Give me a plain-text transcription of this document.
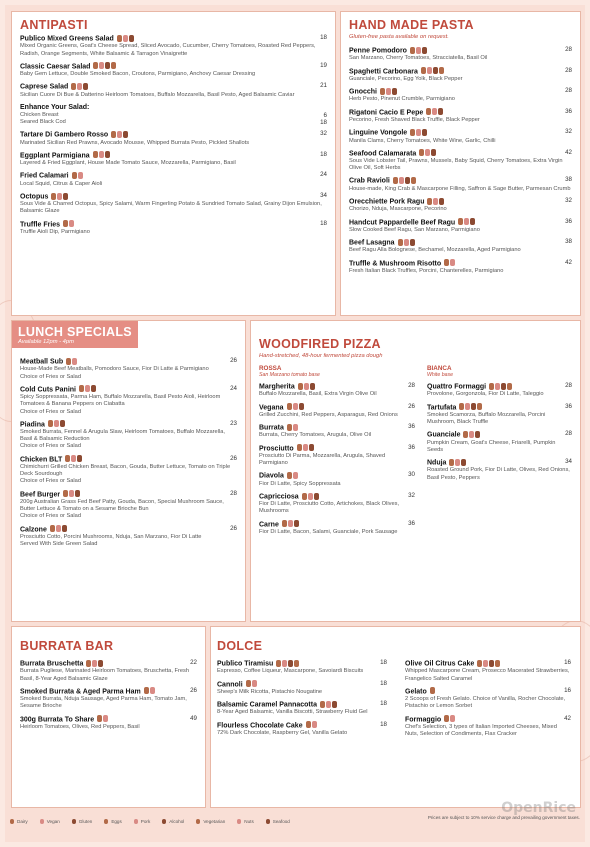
ANTIPASTI
Publico Mixed Greens Salad	18
Mixed Organic Greens, Goat's Cheese Spread, Sliced Avocado, Cucumber, Cherry Tomatoes, Roasted Red Peppers, Radish, Orange Segments, White Balsamic & Tarragon Vinaigrette
Classic Caesar Salad	19
Baby Gem Lettuce, Double Smoked Bacon, Croutons, Parmigiano, Anchovy Caesar Dressing
Caprese Salad	21
Sicilian Cuore Di Bue & Datterino Heirloom Tomatoes, Buffalo Mozzarella, Basil Pesto, Aged Balsamic Caviar
Enhance Your Salad:
Chicken Breast	6
Seared Black Cod	18
Tartare Di Gambero Rosso	32
Marinated Sicilian Red Prawns, Avocado Mousse, Whipped Burrata Pesto, Pickled Shallots
Eggplant Parmigiana	18
Layered & Fried Eggplant, House Made Tomato Sauce, Mozzarella, Parmigiano, Basil
Fried Calamari	24
Local Squid, Citrus & Caper Aioli
Octopus	34
Sous Vide & Charred Octopus, Spicy Salami, Warm Fingerling Potato & Sundried Tomato Salad, Grainy Dijon Emulsion, Balsamic Glaze
Truffle Fries	18
Truffle Aioli Dip, Parmigiano
HAND MADE PASTA
Gluten-free pasta available on request.
Penne Pomodoro	28
San Marzano, Cherry Tomatoes, Stracciatella, Basil Oil
Spaghetti Carbonara	28
Guanciale, Pecorino, Egg Yolk, Black Pepper
Gnocchi	28
Herb Pesto, Pinenut Crumble, Parmigiano
Rigatoni Cacio E Pepe	36
Pecorino, Fresh Shaved Black Truffle, Black Pepper
Linguine Vongole	32
Manila Clams, Cherry Tomatoes, White Wine, Garlic, Chilli
Seafood Calamarata	42
Sous Vide Lobster Tail, Prawns, Mussels, Baby Squid, Cherry Tomatoes, Extra Virgin Olive Oil, Soft Herbs
Crab Ravioli	38
House-made, King Crab & Mascarpone Filling, Saffron & Sage Butter, Parmesan Crumb
Orecchiette Pork Ragu	32
Chorizo, Nduja, Mascarpone, Pecorino
Handcut Pappardelle Beef Ragu	36
Slow Cooked Beef Ragu, San Marzano, Parmigiano
Beef Lasagna	38
Beef Ragu Alla Bolognese, Bechamel, Mozzarella, Aged Parmigiano
Truffle & Mushroom Risotto	42
Fresh Italian Black Truffles, Porcini, Chanterelles, Parmigiano
LUNCH SPECIALS
Available 12pm - 4pm
Meatball Sub	26
House-Made Beef Meatballs, Pomodoro Sauce, Fior Di Latte & Parmigiano
Choice of Fries or Salad
Cold Cuts Panini	24
Spicy Soppressata, Parma Ham, Buffalo Mozzarella, Basil Pesto Aioli, Heirloom Tomatoes & Banana Peppers on Ciabatta
Choice of Fries or Salad
Piadina	23
Smoked Burrata, Fennel & Arugula Slaw, Heirloom Tomatoes, Buffalo Mozzarella, Basil & Balsamic Reduction
Choice of Fries or Salad
Chicken BLT	26
Chimichurri Grilled Chicken Breast, Bacon, Gouda, Butter Lettuce, Tomato on Triple Deck Sourdough
Choice of Fries or Salad
Beef Burger	28
200g Australian Grass Fed Beef Patty, Gouda, Bacon, Special Mushroom Sauce, Butter Lettuce & Tomato on a Sesame Brioche Bun
Choice of Fries or Salad
Calzone	26
Prosciutto Cotto, Porcini Mushrooms, Nduja, San Marzano, Fior Di Latte
Served With Side Green Salad
WOODFIRED PIZZA
Hand-stretched, 48-hour fermented pizza dough
ROSSA
San Marzano tomato base
Margherita	28
Buffalo Mozzarella, Basil, Extra Virgin Olive Oil
Vegana	26
Grilled Zucchini, Red Peppers, Asparagus, Red Onions
Burrata	36
Burrata, Cherry Tomatoes, Arugula, Olive Oil
Prosciutto	36
Prosciutto Di Parma, Mozzarella, Arugula, Shaved Parmigiano
Diavola	30
Fior Di Latte, Spicy Soppressata
Capricciosa	32
Fior Di Latte, Prosciutto Cotto, Artichokes, Black Olives, Mushrooms
Carne	36
Fior Di Latte, Bacon, Salami, Guanciale, Pork Sausage
BIANCA
White base
Quattro Formaggi	28
Provolone, Gorgonzola, Fior Di Latte, Taleggio
Tartufata	36
Smoked Scamorza, Buffalo Mozzarella, Porcini Mushroom, Black Truffle
Guanciale	28
Pumpkin Cream, Goat's Cheese, Friarelli, Pumpkin Seeds
Nduja	34
Roasted Ground Pork, Fior Di Latte, Olives, Red Onions, Basil Pesto, Peppers
BURRATA BAR
Burrata Bruschetta	22
Burrata Pugliese, Marinated Heirloom Tomatoes, Bruschetta, Fresh Basil, 8-Year Aged Balsamic Glaze
Smoked Burrata & Aged Parma Ham	26
Smoked Burrata, Nduja Sausage, Aged Parma Ham, Tomato Jam, Sesame Brioche
300g Burrata To Share	49
Heirloom Tomatoes, Olives, Red Peppers, Basil
DOLCE
Publico Tiramisu	18
Espresso, Coffee Liqueur, Mascarpone, Savoiardi Biscuits
Cannoli	18
Sheep's Milk Ricotta, Pistachio Nougatine
Balsamic Caramel Pannacotta	18
8-Year Aged Balsamic, Vanilla Biscotti, Strawberry Fluid Gel
Flourless Chocolate Cake	18
72% Dark Chocolate, Raspberry Gel, Vanilla Gelato
Olive Oil Citrus Cake	16
Whipped Mascarpone Cream, Prosecco Macerated Strawberries, Frangelico Salted Caramel
Gelato	16
2 Scoops of Fresh Gelato. Choice of Vanilla, Rocher Chocolate, Pistachio or Lemon Sorbet
Formaggio	42
Chef's Selection, 3 types of Italian Imported Cheeses, Mixed Nuts, Selection of Condiments, Flax Cracker
Dairy	Vegan	Gluten	Eggs	Pork	Alcohol	Vegetarian	Nuts	Seafood
Prices are subject to 10% service charge and prevailing government taxes.
OpenRice
